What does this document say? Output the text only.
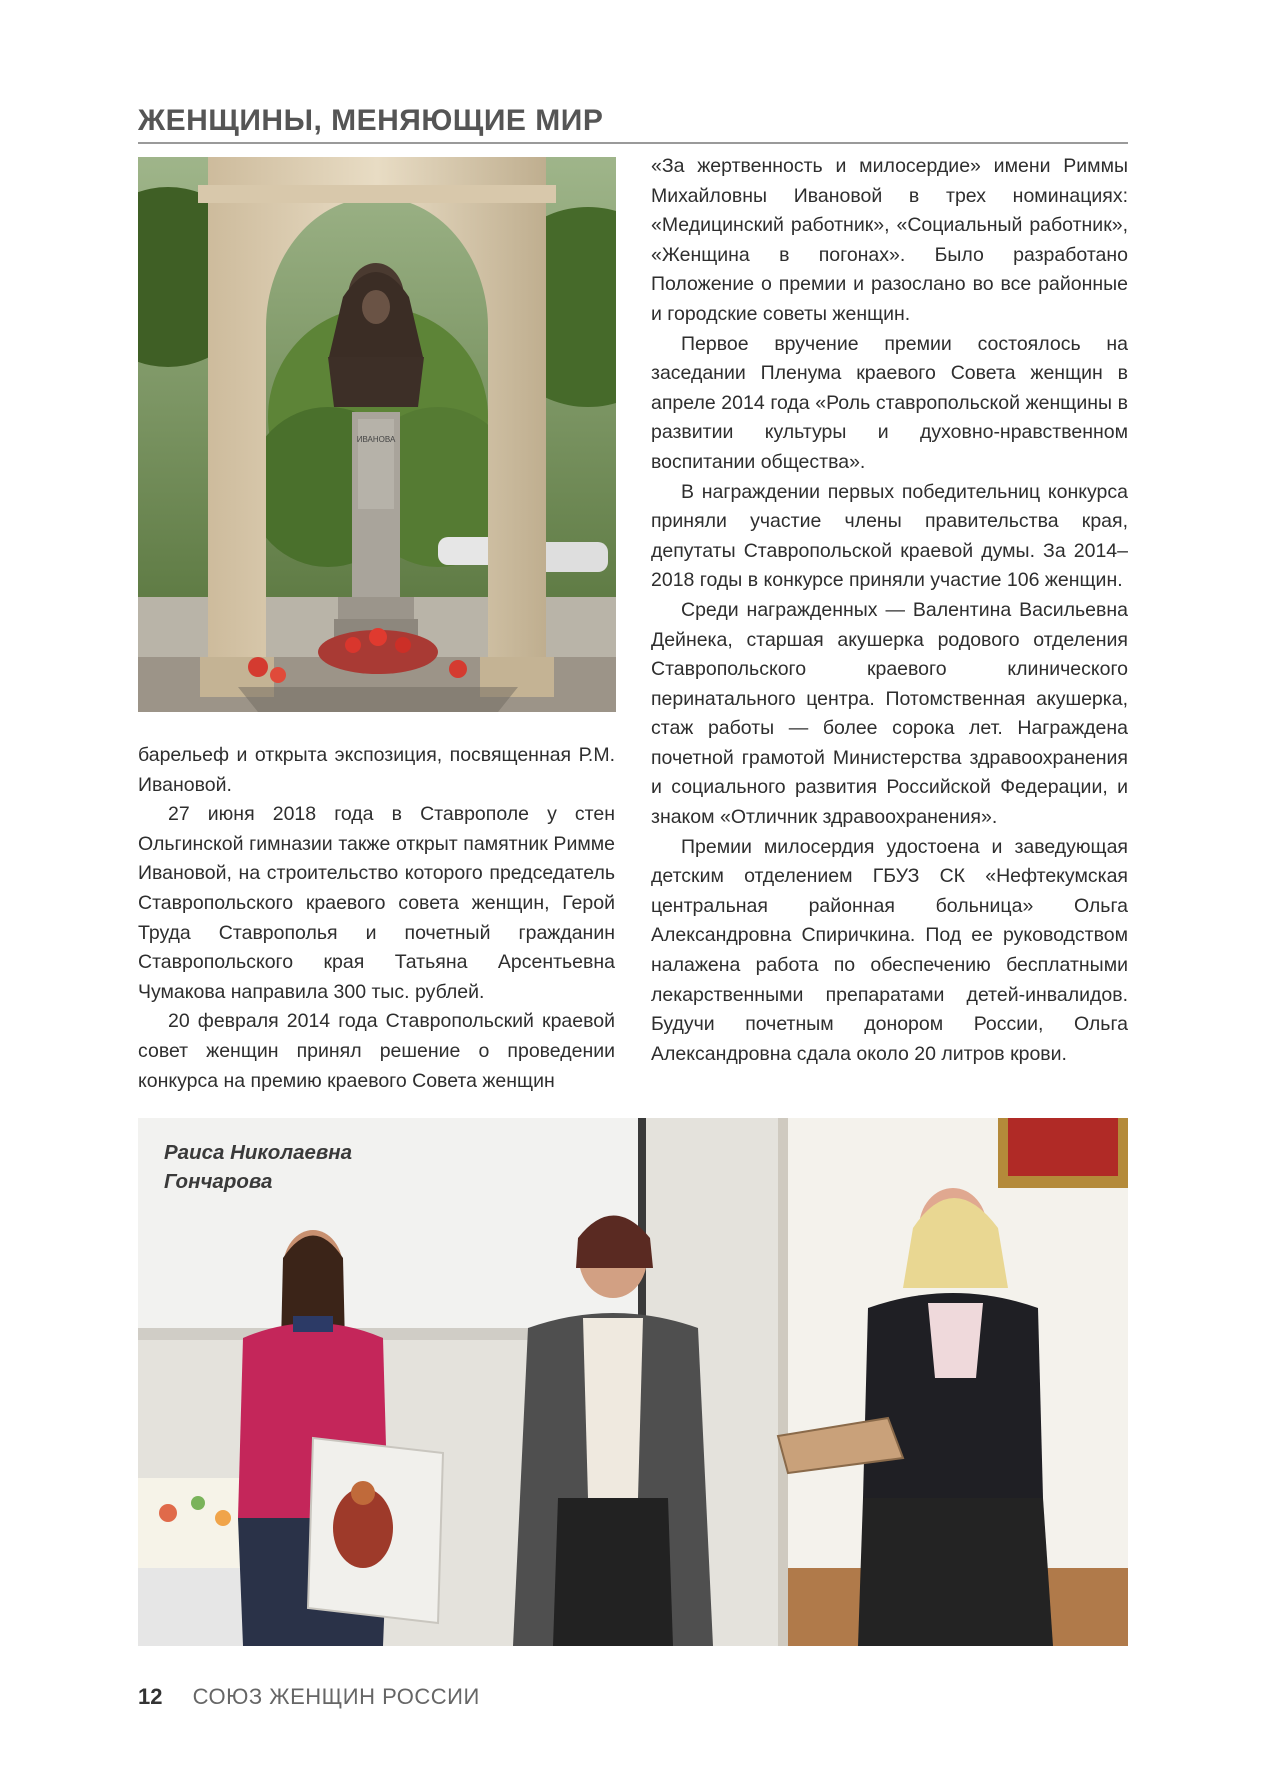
ЖЕНЩИНЫ, МЕНЯЮЩИЕ МИР
ИВАНОВА

«За жертвенность и милосердие» имени Риммы Михайловны Ивановой в трех номинациях: «Медицинский работник», «Социальный работник», «Женщина в погонах». Было разработано Положение о премии и разослано во все районные и городские советы женщин.

Первое вручение премии состоялось на заседании Пленума краевого Совета женщин в апреле 2014 года «Роль ставропольской женщины в развитии культуры и духовно-нравственном воспитании общества».

В награждении первых победительниц конкурса приняли участие члены правительства края, депутаты Ставропольской краевой думы. За 2014–2018 годы в конкурсе приняли участие 106 женщин.

Среди награжденных — Валентина Васильевна Дейнека, старшая акушерка родового отделения Ставропольского краевого клинического перинатального центра. Потомственная акушерка, стаж работы — более сорока лет. Награждена почетной грамотой Министерства здравоохранения и социального развития Российской Федерации, и знаком «Отличник здравоохранения».

Премии милосердия удостоена и заведующая детским отделением ГБУЗ СК «Нефтекумская центральная районная больница» Ольга Александровна Спиричкина. Под ее руководством налажена работа по обеспечению бесплатными лекарственными препаратами детей-инвалидов. Будучи почетным донором России, Ольга Александровна сдала около 20 литров крови.

барельеф и открыта экспозиция, посвященная Р.М. Ивановой.

27 июня 2018 года в Ставрополе у стен Ольгинской гимназии также открыт памятник Римме Ивановой, на строительство которого председатель Ставропольского краевого совета женщин, Герой Труда Ставрополья и почетный гражданин Ставропольского края Татьяна Арсентьевна Чумакова направила 300 тыс. рублей.

20 февраля 2014 года Ставропольский краевой совет женщин принял решение о проведении конкурса на премию краевого Совета женщин

Раиса Николаевна
Гончарова
12 СОЮЗ ЖЕНЩИН РОССИИ
